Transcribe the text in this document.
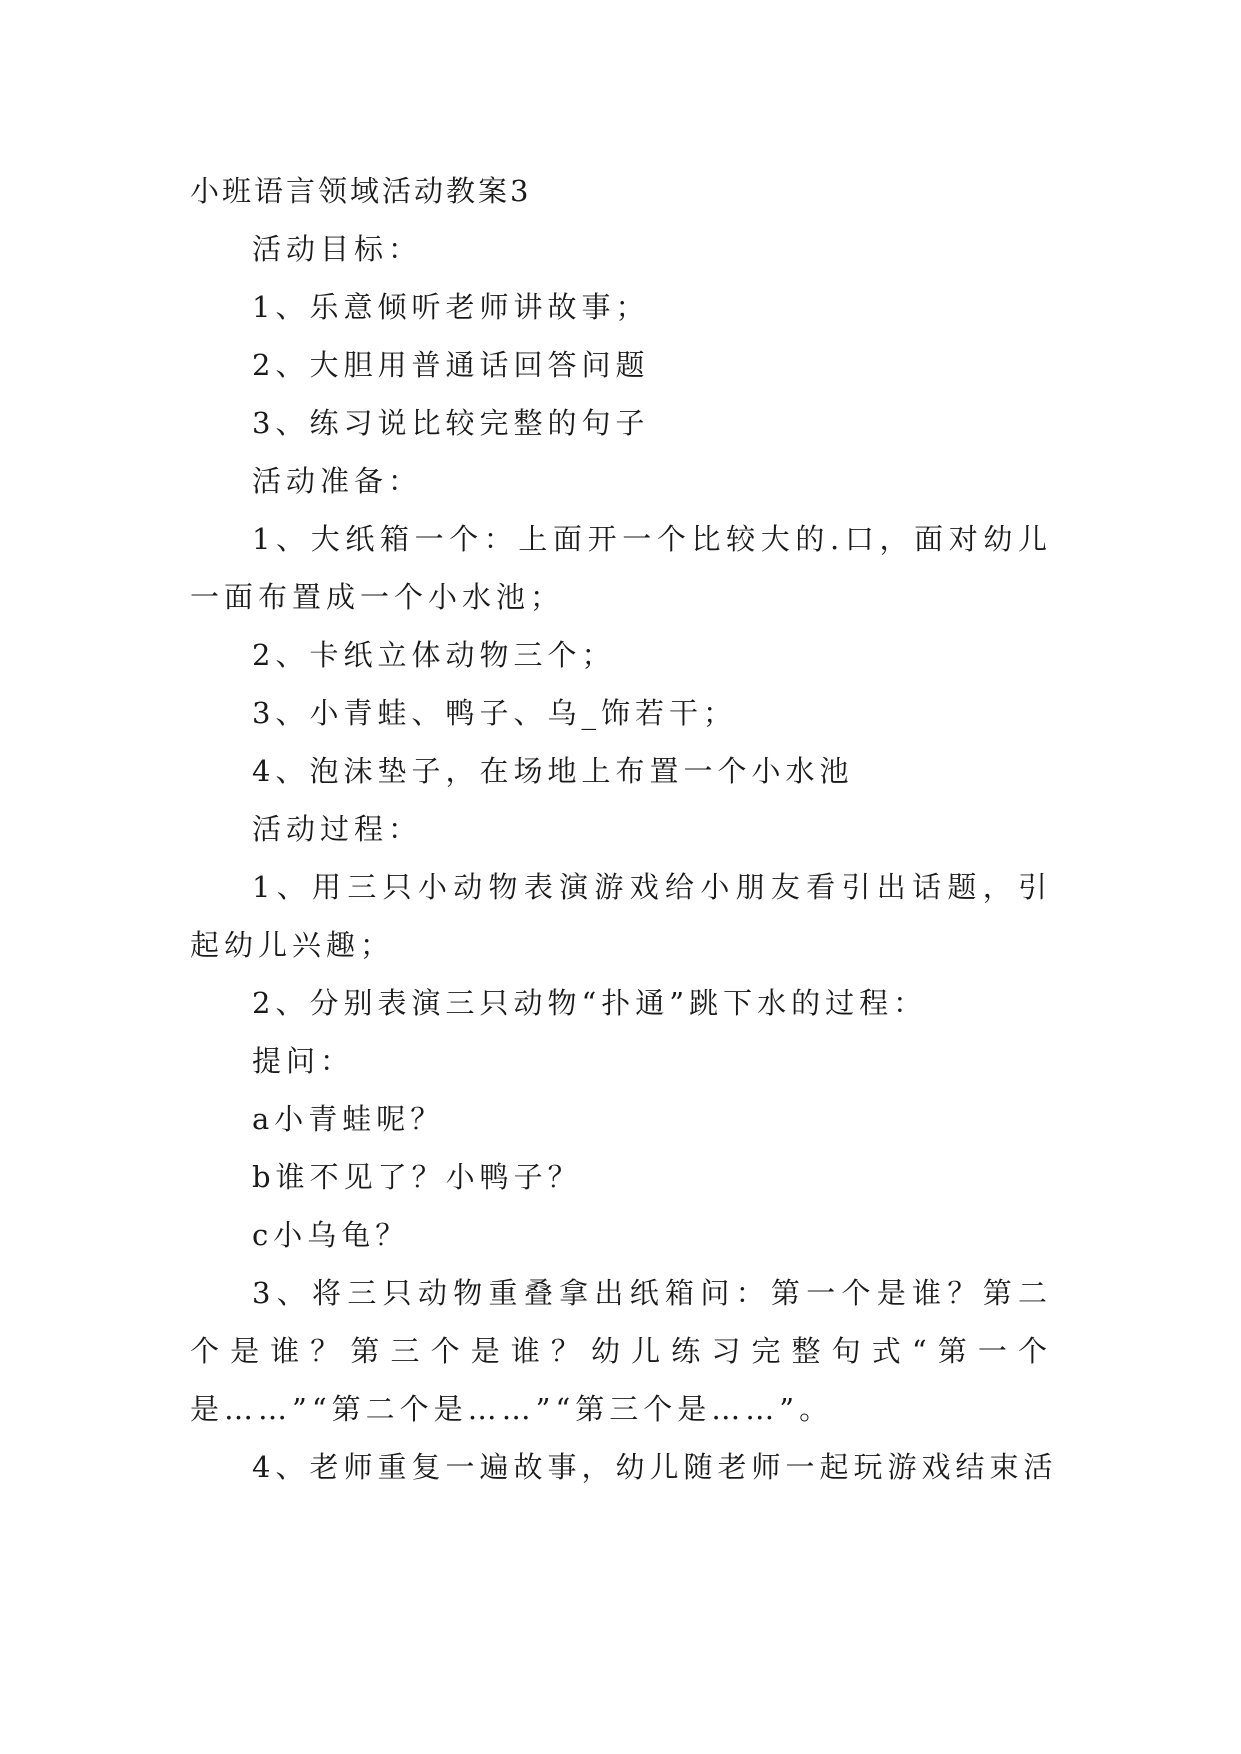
小班语言领域活动教案3

活动目标：

1、乐意倾听老师讲故事；

2、大胆用普通话回答问题

3、练习说比较完整的句子

活动准备：

1、大纸箱一个：上面开一个比较大的.口，面对幼儿一面布置成一个小水池；

2、卡纸立体动物三个；

3、小青蛙、鸭子、乌_饰若干；

4、泡沫垫子，在场地上布置一个小水池

活动过程：

1、用三只小动物表演游戏给小朋友看引出话题，引起幼儿兴趣；

2、分别表演三只动物“扑通”跳下水的过程：

提问：

a小青蛙呢？

b谁不见了？小鸭子？

c小乌龟？

3、将三只动物重叠拿出纸箱问：第一个是谁？第二个是谁？第三个是谁？幼儿练习完整句式“第一个是……”“第二个是……”“第三个是……”。

4、老师重复一遍故事，幼儿随老师一起玩游戏结束活
